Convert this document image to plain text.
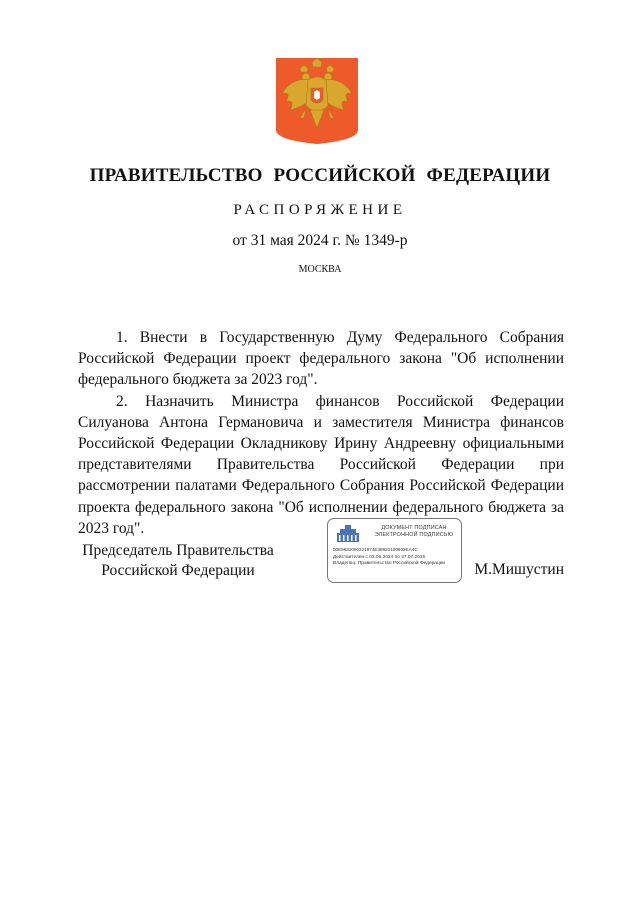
ПРАВИТЕЛЬСТВО РОССИЙСКОЙ ФЕДЕРАЦИИ
РАСПОРЯЖЕНИЕ
от 31 мая 2024 г. № 1349-р
МОСКВА

1. Внести в Государственную Думу Федерального Собрания Российской Федерации проект федерального закона "Об исполнении федерального бюджета за 2023 год".

2. Назначить Министра финансов Российской Федерации Силуанова Антона Германовича и заместителя Министра финансов Российской Федерации Окладникову Ирину Андреевну официальными представителями Правительства Российской Федерации при рассмотрении палатами Федерального Собрания Российской Федерации проекта федерального закона "Об исполнении федерального бюджета за 2023 год".

Председатель Правительства
Российской Федерации
ДОКУМЕНТ ПОДПИСАН
ЭЛЕКТРОННОЙ ПОДПИСЬЮ
00E9632080221974E38922100802EA4C
Действителен с 03.05.2024 по 27.07.2025
Владелец: Правительство Российской Федерации	М.Мишустин
